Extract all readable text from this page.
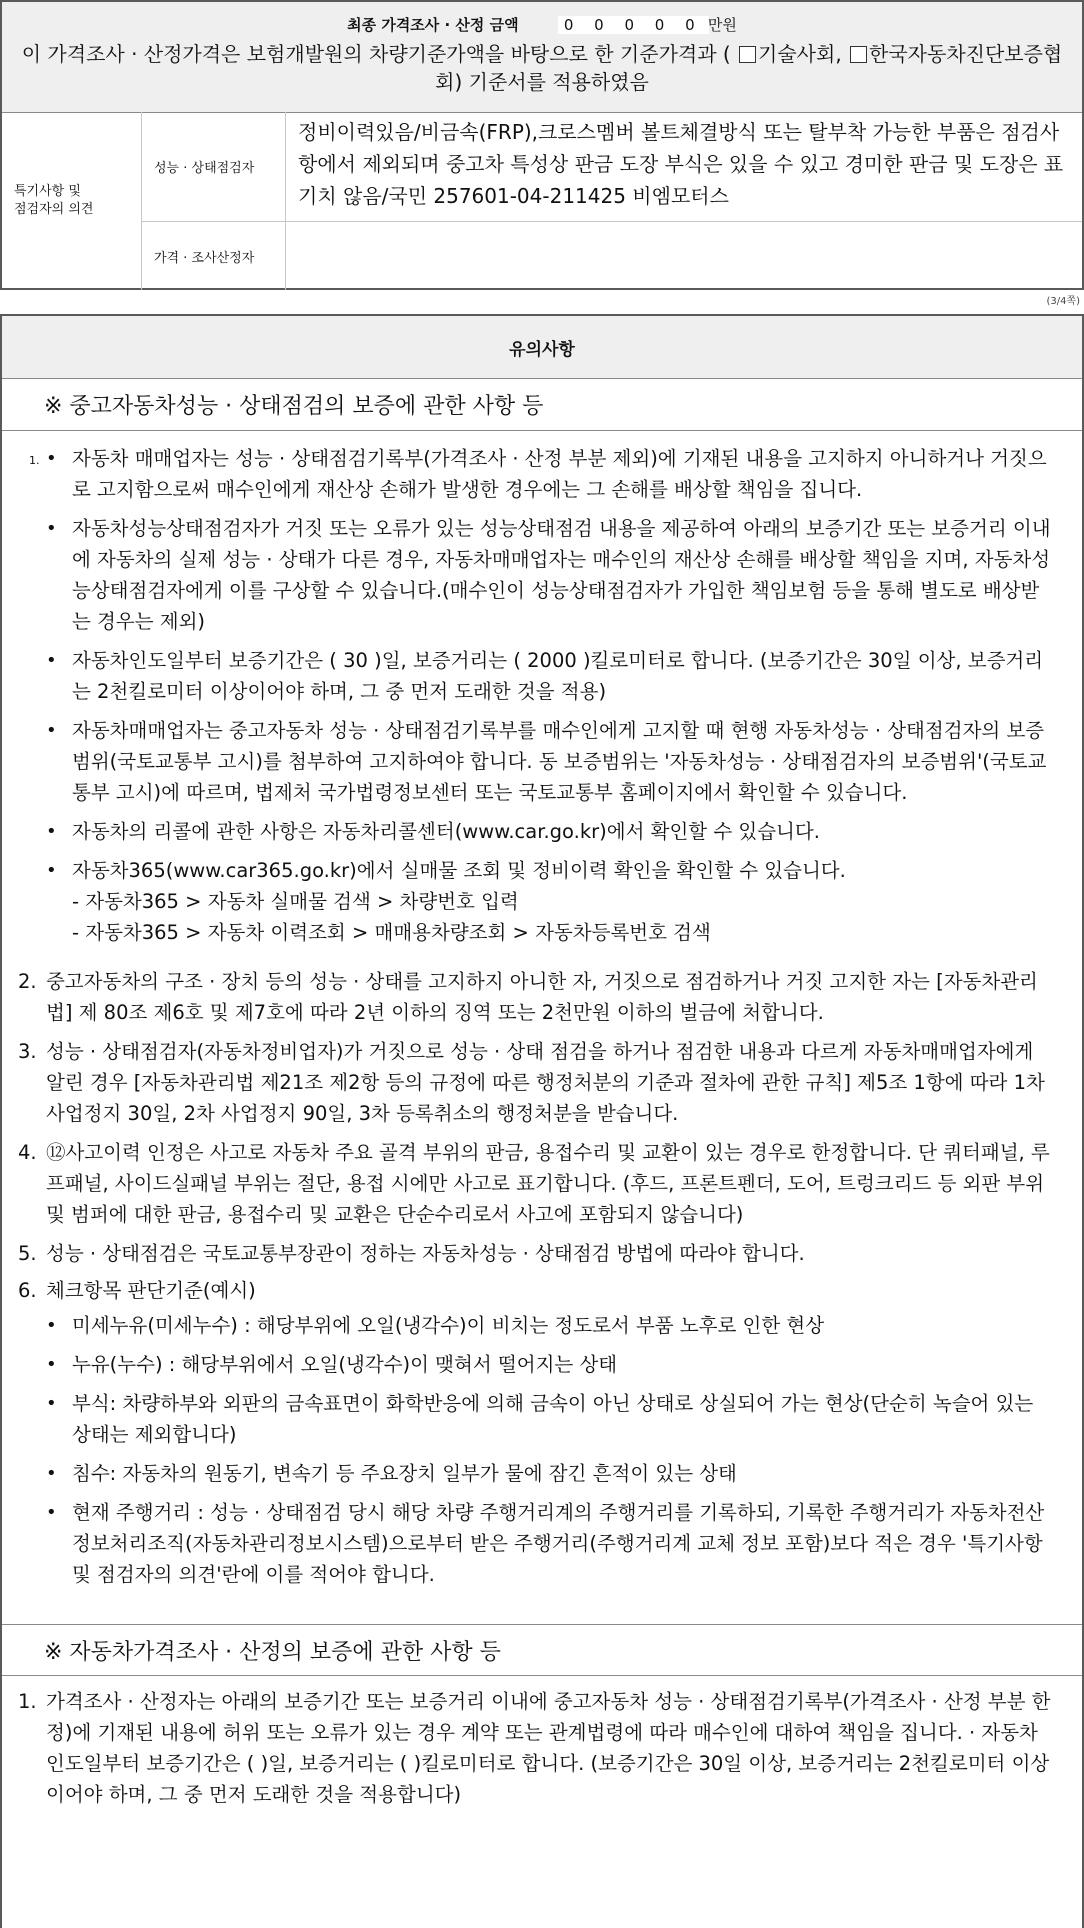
최종 가격조사 · 산정 금액	0 0 0 0 0 만원
이 가격조사 · 산정가격은 보험개발원의 차량기준가액을 바탕으로 한 기준가격과 ( 기술사회, 한국자동차진단보증협회) 기준서를 적용하였음
특기사항 및
점검자의 의견
성능 · 상태점검자
정비이력있음/비금속(FRP),크로스멤버 볼트체결방식 또는 탈부착 가능한 부품은 점검사항에서 제외되며 중고차 특성상 판금 도장 부식은 있을 수 있고 경미한 판금 및 도장은 표기치 않음/국민 257601-04-211425 비엠모터스
가격 · 조사산정자
(3/4쪽)
유의사항
※ 중고자동차성능 · 상태점검의 보증에 관한 사항 등
1. • 자동차 매매업자는 성능 · 상태점검기록부(가격조사 · 산정 부분 제외)에 기재된 내용을 고지하지 아니하거나 거짓으로 고지함으로써 매수인에게 재산상 손해가 발생한 경우에는 그 손해를 배상할 책임을 집니다.
• 자동차성능상태점검자가 거짓 또는 오류가 있는 성능상태점검 내용을 제공하여 아래의 보증기간 또는 보증거리 이내에 자동차의 실제 성능 · 상태가 다른 경우, 자동차매매업자는 매수인의 재산상 손해를 배상할 책임을 지며, 자동차성능상태점검자에게 이를 구상할 수 있습니다.(매수인이 성능상태점검자가 가입한 책임보험 등을 통해 별도로 배상받는 경우는 제외)
• 자동차인도일부터 보증기간은 ( 30 )일, 보증거리는 ( 2000 )킬로미터로 합니다. (보증기간은 30일 이상, 보증거리는 2천킬로미터 이상이어야 하며, 그 중 먼저 도래한 것을 적용)
• 자동차매매업자는 중고자동차 성능 · 상태점검기록부를 매수인에게 고지할 때 현행 자동차성능 · 상태점검자의 보증범위(국토교통부 고시)를 첨부하여 고지하여야 합니다. 동 보증범위는 '자동차성능 · 상태점검자의 보증범위'(국토교통부 고시)에 따르며, 법제처 국가법령정보센터 또는 국토교통부 홈페이지에서 확인할 수 있습니다.
• 자동차의 리콜에 관한 사항은 자동차리콜센터(www.car.go.kr)에서 확인할 수 있습니다.
• 자동차365(www.car365.go.kr)에서 실매물 조회 및 정비이력 확인을 확인할 수 있습니다.
- 자동차365 > 자동차 실매물 검색 > 차량번호 입력
- 자동차365 > 자동차 이력조회 > 매매용차량조회 > 자동차등록번호 검색
2. 중고자동차의 구조 · 장치 등의 성능 · 상태를 고지하지 아니한 자, 거짓으로 점검하거나 거짓 고지한 자는 [자동차관리법] 제 80조 제6호 및 제7호에 따라 2년 이하의 징역 또는 2천만원 이하의 벌금에 처합니다.
3. 성능 · 상태점검자(자동차정비업자)가 거짓으로 성능 · 상태 점검을 하거나 점검한 내용과 다르게 자동차매매업자에게 알린 경우 [자동차관리법 제21조 제2항 등의 규정에 따른 행정처분의 기준과 절차에 관한 규칙] 제5조 1항에 따라 1차 사업정지 30일, 2차 사업정지 90일, 3차 등록취소의 행정처분을 받습니다.
4. ⑫사고이력 인정은 사고로 자동차 주요 골격 부위의 판금, 용접수리 및 교환이 있는 경우로 한정합니다. 단 쿼터패널, 루프패널, 사이드실패널 부위는 절단, 용접 시에만 사고로 표기합니다. (후드, 프론트펜더, 도어, 트렁크리드 등 외판 부위 및 범퍼에 대한 판금, 용접수리 및 교환은 단순수리로서 사고에 포함되지 않습니다)
5. 성능 · 상태점검은 국토교통부장관이 정하는 자동차성능 · 상태점검 방법에 따라야 합니다.
6. 체크항목 판단기준(예시)
• 미세누유(미세누수) : 해당부위에 오일(냉각수)이 비치는 정도로서 부품 노후로 인한 현상
• 누유(누수) : 해당부위에서 오일(냉각수)이 맺혀서 떨어지는 상태
• 부식: 차량하부와 외판의 금속표면이 화학반응에 의해 금속이 아닌 상태로 상실되어 가는 현상(단순히 녹슬어 있는 상태는 제외합니다)
• 침수: 자동차의 원동기, 변속기 등 주요장치 일부가 물에 잠긴 흔적이 있는 상태
• 현재 주행거리 : 성능 · 상태점검 당시 해당 차량 주행거리계의 주행거리를 기록하되, 기록한 주행거리가 자동차전산정보처리조직(자동차관리정보시스템)으로부터 받은 주행거리(주행거리계 교체 정보 포함)보다 적은 경우 '특기사항 및 점검자의 의견'란에 이를 적어야 합니다.
※ 자동차가격조사 · 산정의 보증에 관한 사항 등
1. 가격조사 · 산정자는 아래의 보증기간 또는 보증거리 이내에 중고자동차 성능 · 상태점검기록부(가격조사 · 산정 부분 한정)에 기재된 내용에 허위 또는 오류가 있는 경우 계약 또는 관계법령에 따라 매수인에 대하여 책임을 집니다. · 자동차인도일부터 보증기간은 ( )일, 보증거리는 ( )킬로미터로 합니다. (보증기간은 30일 이상, 보증거리는 2천킬로미터 이상이어야 하며, 그 중 먼저 도래한 것을 적용합니다)
